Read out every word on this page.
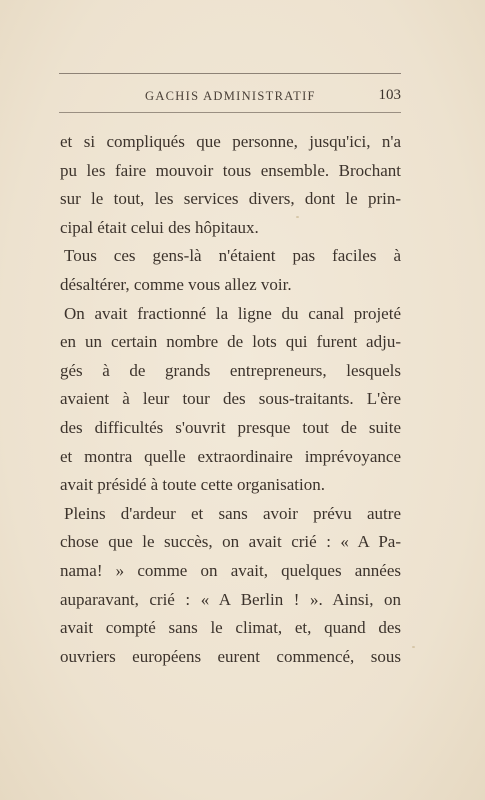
GACHIS ADMINISTRATIF	103
et si compliqués que personne, jusqu'ici, n'a
pu les faire mouvoir tous ensemble. Brochant
sur le tout, les services divers, dont le prin-
cipal était celui des hôpitaux.
Tous ces gens-là n'étaient pas faciles à
désaltérer, comme vous allez voir.
On avait fractionné la ligne du canal projeté
en un certain nombre de lots qui furent adju-
gés à de grands entrepreneurs, lesquels
avaient à leur tour des sous-traitants. L'ère
des difficultés s'ouvrit presque tout de suite
et montra quelle extraordinaire imprévoyance
avait présidé à toute cette organisation.
Pleins d'ardeur et sans avoir prévu autre
chose que le succès, on avait crié : « A Pa-
nama! » comme on avait, quelques années
auparavant, crié : « A Berlin ! ». Ainsi, on
avait compté sans le climat, et, quand des
ouvriers européens eurent commencé, sous
